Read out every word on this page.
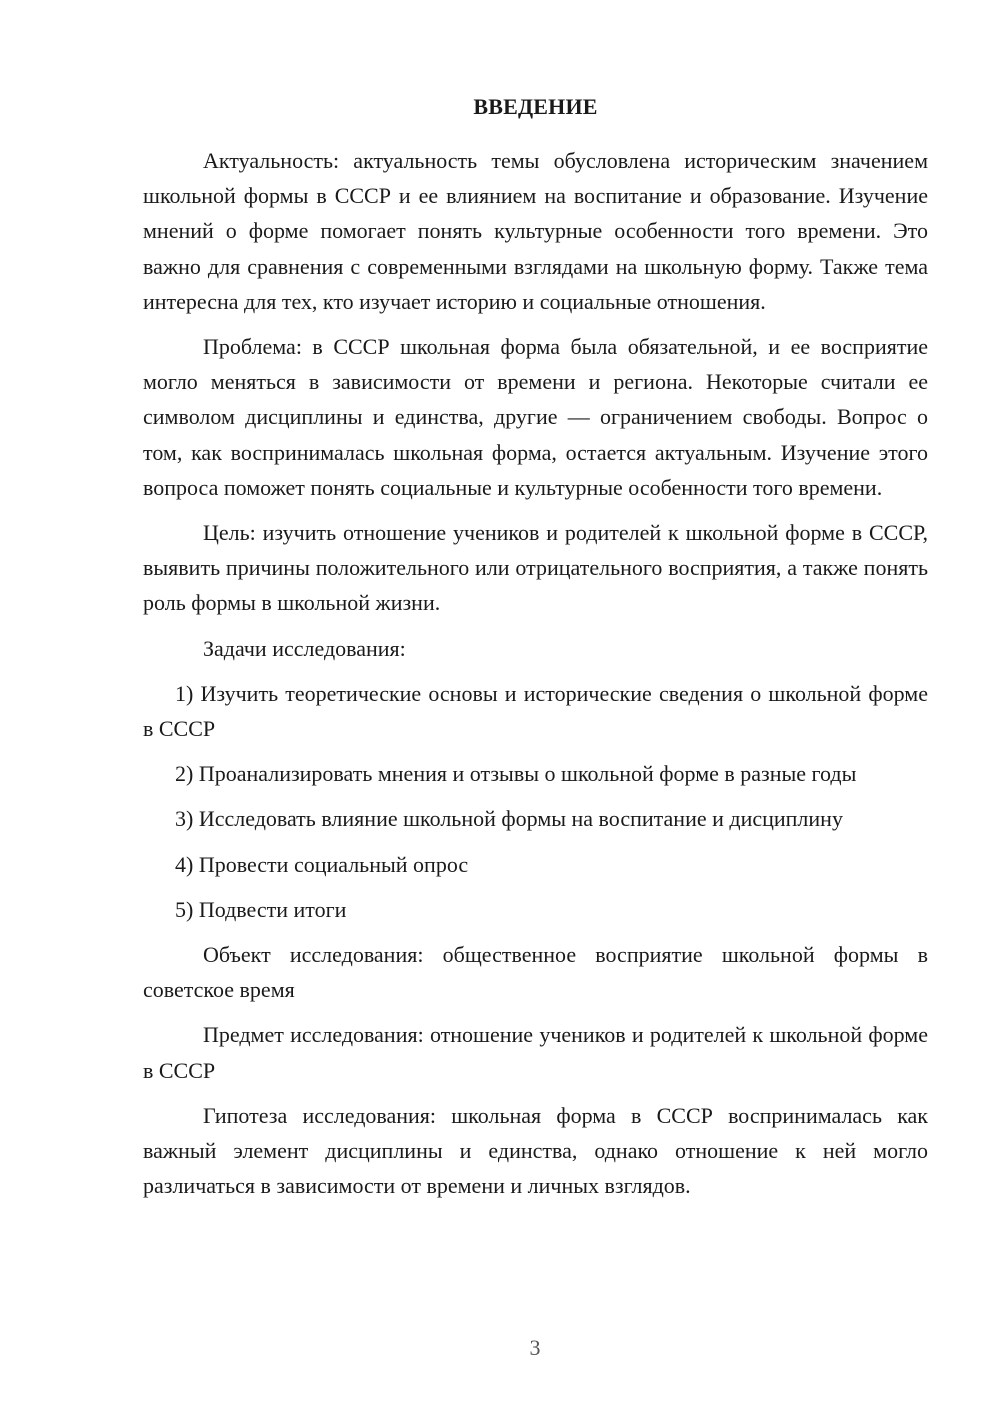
ВВЕДЕНИЕ

Актуальность: актуальность темы обусловлена историческим значением школьной формы в СССР и ее влиянием на воспитание и образование. Изучение мнений о форме помогает понять культурные особенности того времени. Это важно для сравнения с современными взглядами на школьную форму. Также тема интересна для тех, кто изучает историю и социальные отношения.

Проблема: в СССР школьная форма была обязательной, и ее восприятие могло меняться в зависимости от времени и региона. Некоторые считали ее символом дисциплины и единства, другие — ограничением свободы. Вопрос о том, как воспринималась школьная форма, остается актуальным. Изучение этого вопроса поможет понять социальные и культурные особенности того времени.

Цель: изучить отношение учеников и родителей к школьной форме в СССР, выявить причины положительного или отрицательного восприятия, а также понять роль формы в школьной жизни.

Задачи исследования:

1) Изучить теоретические основы и исторические сведения о школьной форме в СССР

2) Проанализировать мнения и отзывы о школьной форме в разные годы

3) Исследовать влияние школьной формы на воспитание и дисциплину

4) Провести социальный опрос

5) Подвести итоги

Объект исследования: общественное восприятие школьной формы в советское время

Предмет исследования: отношение учеников и родителей к школьной форме в СССР

Гипотеза исследования: школьная форма в СССР воспринималась как важный элемент дисциплины и единства, однако отношение к ней могло различаться в зависимости от времени и личных взглядов.

3
